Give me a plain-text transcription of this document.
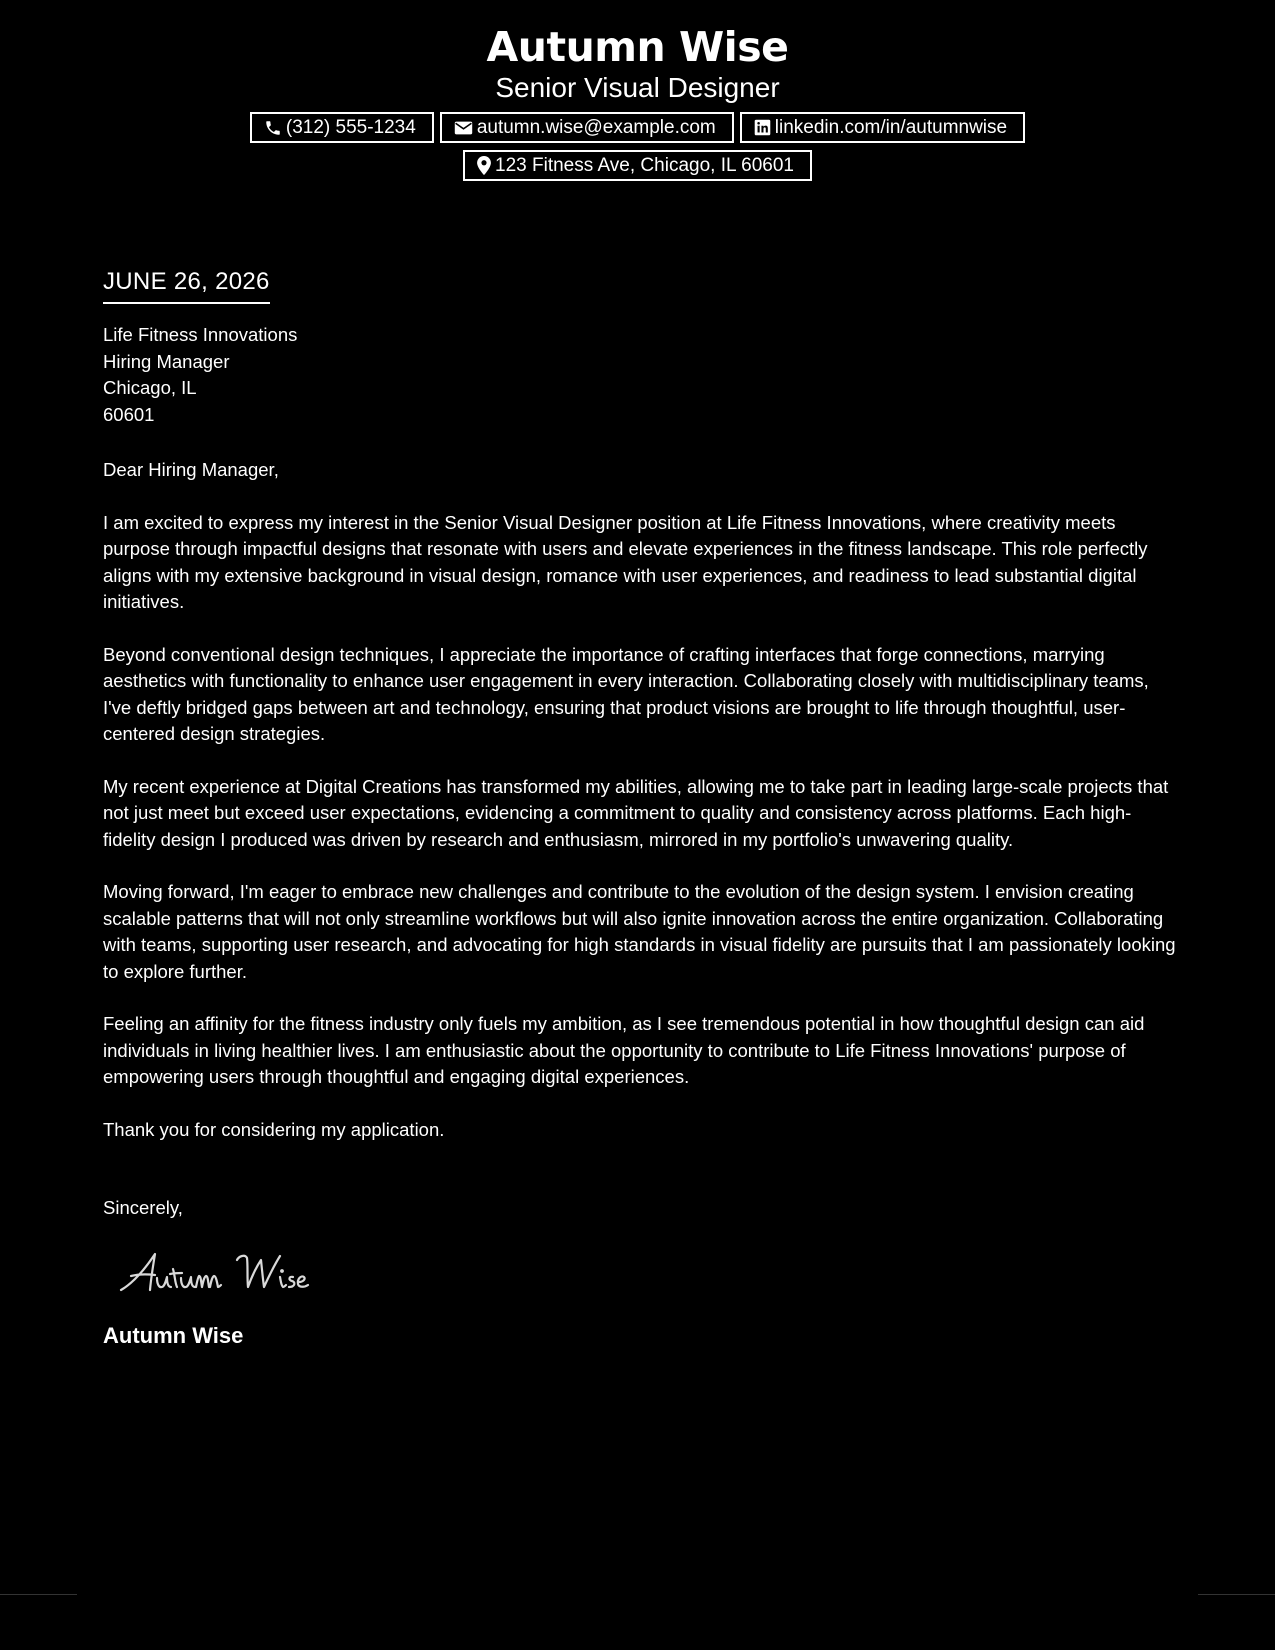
Autumn Wise
Senior Visual Designer
(312) 555-1234	autumn.wise@example.com	linkedin.com/in/autumnwise
123 Fitness Ave, Chicago, IL 60601
JUNE 26, 2026
Life Fitness Innovations
Hiring Manager
Chicago, IL
60601
Dear Hiring Manager,

I am excited to express my interest in the Senior Visual Designer position at Life Fitness Innovations, where creativity meets purpose through impactful designs that resonate with users and elevate experiences in the fitness landscape. This role perfectly aligns with my extensive background in visual design, romance with user experiences, and readiness to lead substantial digital initiatives.

Beyond conventional design techniques, I appreciate the importance of crafting interfaces that forge connections, marrying aesthetics with functionality to enhance user engagement in every interaction. Collaborating closely with multidisciplinary teams, I've deftly bridged gaps between art and technology, ensuring that product visions are brought to life through thoughtful, user-centered design strategies.

My recent experience at Digital Creations has transformed my abilities, allowing me to take part in leading large-scale projects that not just meet but exceed user expectations, evidencing a commitment to quality and consistency across platforms. Each high-fidelity design I produced was driven by research and enthusiasm, mirrored in my portfolio's unwavering quality.

Moving forward, I'm eager to embrace new challenges and contribute to the evolution of the design system. I envision creating scalable patterns that will not only streamline workflows but will also ignite innovation across the entire organization. Collaborating with teams, supporting user research, and advocating for high standards in visual fidelity are pursuits that I am passionately looking to explore further.

Feeling an affinity for the fitness industry only fuels my ambition, as I see tremendous potential in how thoughtful design can aid individuals in living healthier lives. I am enthusiastic about the opportunity to contribute to Life Fitness Innovations' purpose of empowering users through thoughtful and engaging digital experiences.

Thank you for considering my application.
Sincerely,
Autumn Wise
